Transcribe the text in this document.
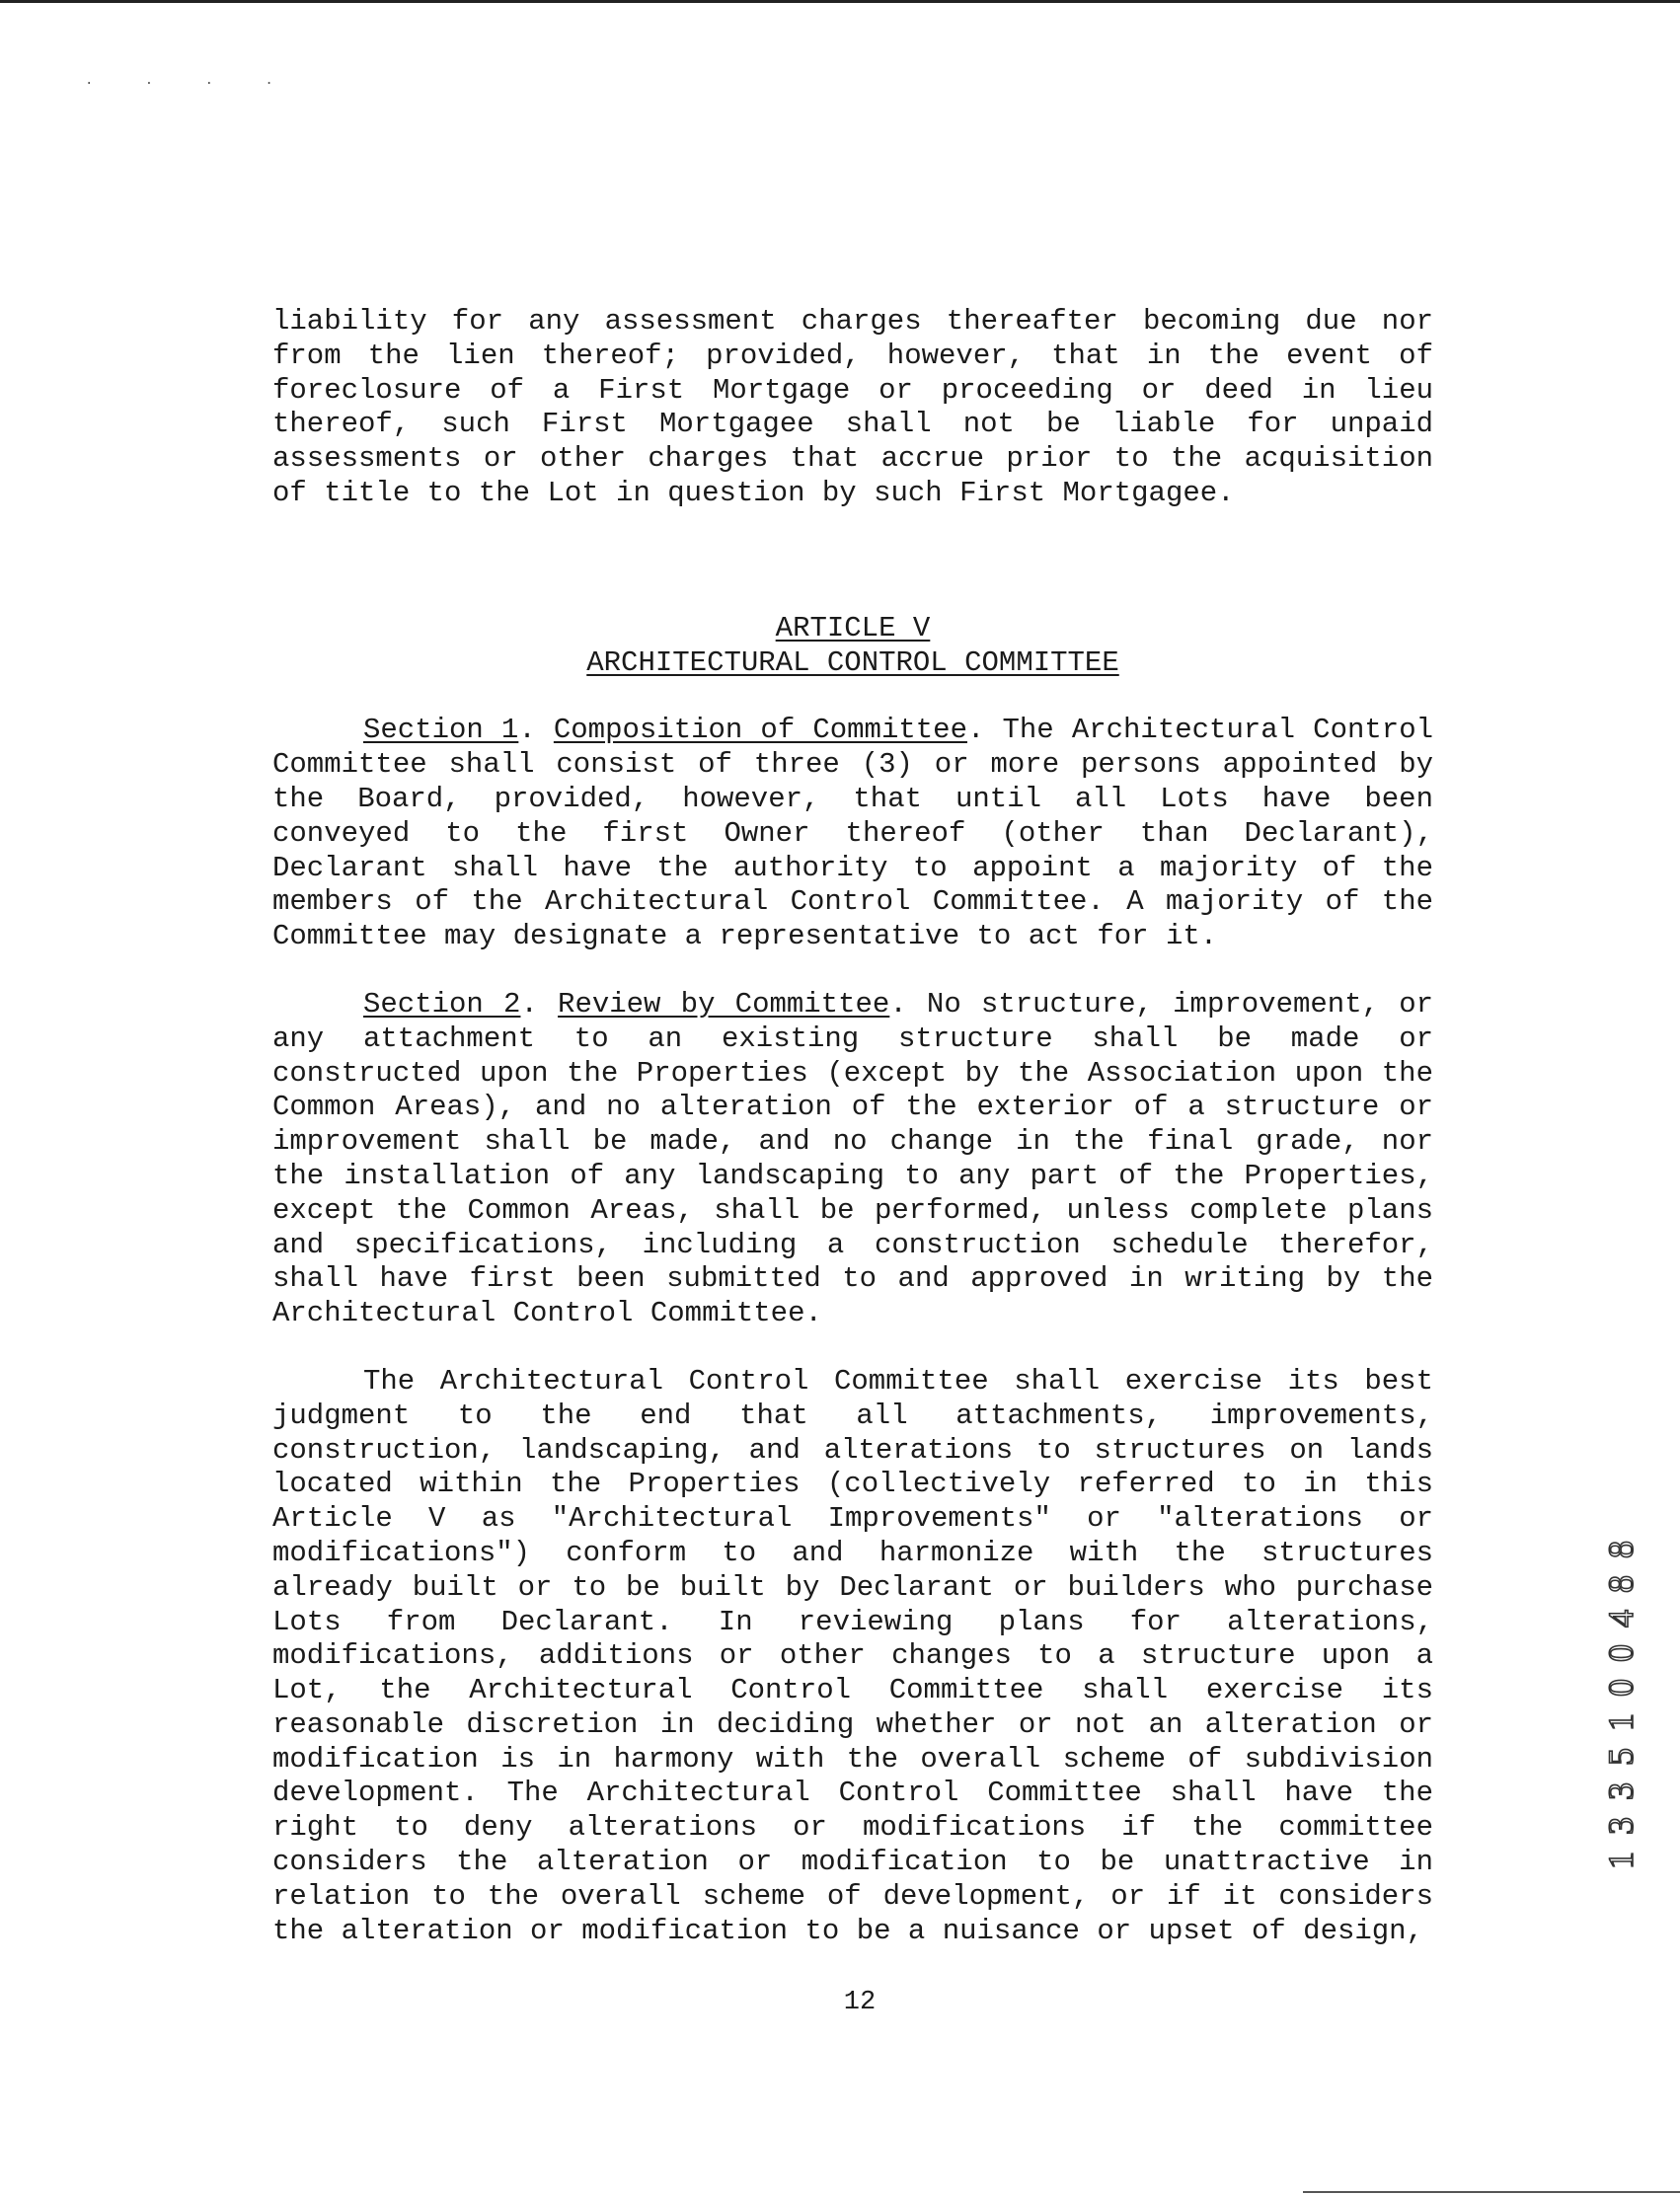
. . . .

liability for any assessment charges thereafter becoming due nor from the lien thereof; provided, however, that in the event of foreclosure of a First Mortgage or proceeding or deed in lieu thereof, such First Mortgagee shall not be liable for unpaid assessments or other charges that accrue prior to the acquisition of title to the Lot in question by such First Mortgagee.

ARTICLE V

ARCHITECTURAL CONTROL COMMITTEE

Section 1. Composition of Committee. The Architectural Control Committee shall consist of three (3) or more persons appointed by the Board, provided, however, that until all Lots have been conveyed to the first Owner thereof (other than Declarant), Declarant shall have the authority to appoint a majority of the members of the Architectural Control Committee. A majority of the Committee may designate a representative to act for it.

Section 2. Review by Committee. No structure, improvement, or any attachment to an existing structure shall be made or constructed upon the Properties (except by the Association upon the Common Areas), and no alteration of the exterior of a structure or improvement shall be made, and no change in the final grade, nor the installation of any landscaping to any part of the Properties, except the Common Areas, shall be performed, unless complete plans and specifications, including a construction schedule therefor, shall have first been submitted to and approved in writing by the Architectural Control Committee.

The Architectural Control Committee shall exercise its best judgment to the end that all attachments, improvements, construction, landscaping, and alterations to structures on lands located within the Properties (collectively referred to in this Article V as "Architectural Improvements" or "alterations or modifications") conform to and harmonize with the structures already built or to be built by Declarant or builders who purchase Lots from Declarant. In reviewing plans for alterations, modifications, additions or other changes to a structure upon a Lot, the Architectural Control Committee shall exercise its reasonable discretion in deciding whether or not an alteration or modification is in harmony with the overall scheme of subdivision development. The Architectural Control Committee shall have the right to deny alterations or modifications if the committee considers the alteration or modification to be unattractive in relation to the overall scheme of development, or if it considers the alteration or modification to be a nuisance or upset of design,

1 3 3 5 1 0 0 4 8 8
12
